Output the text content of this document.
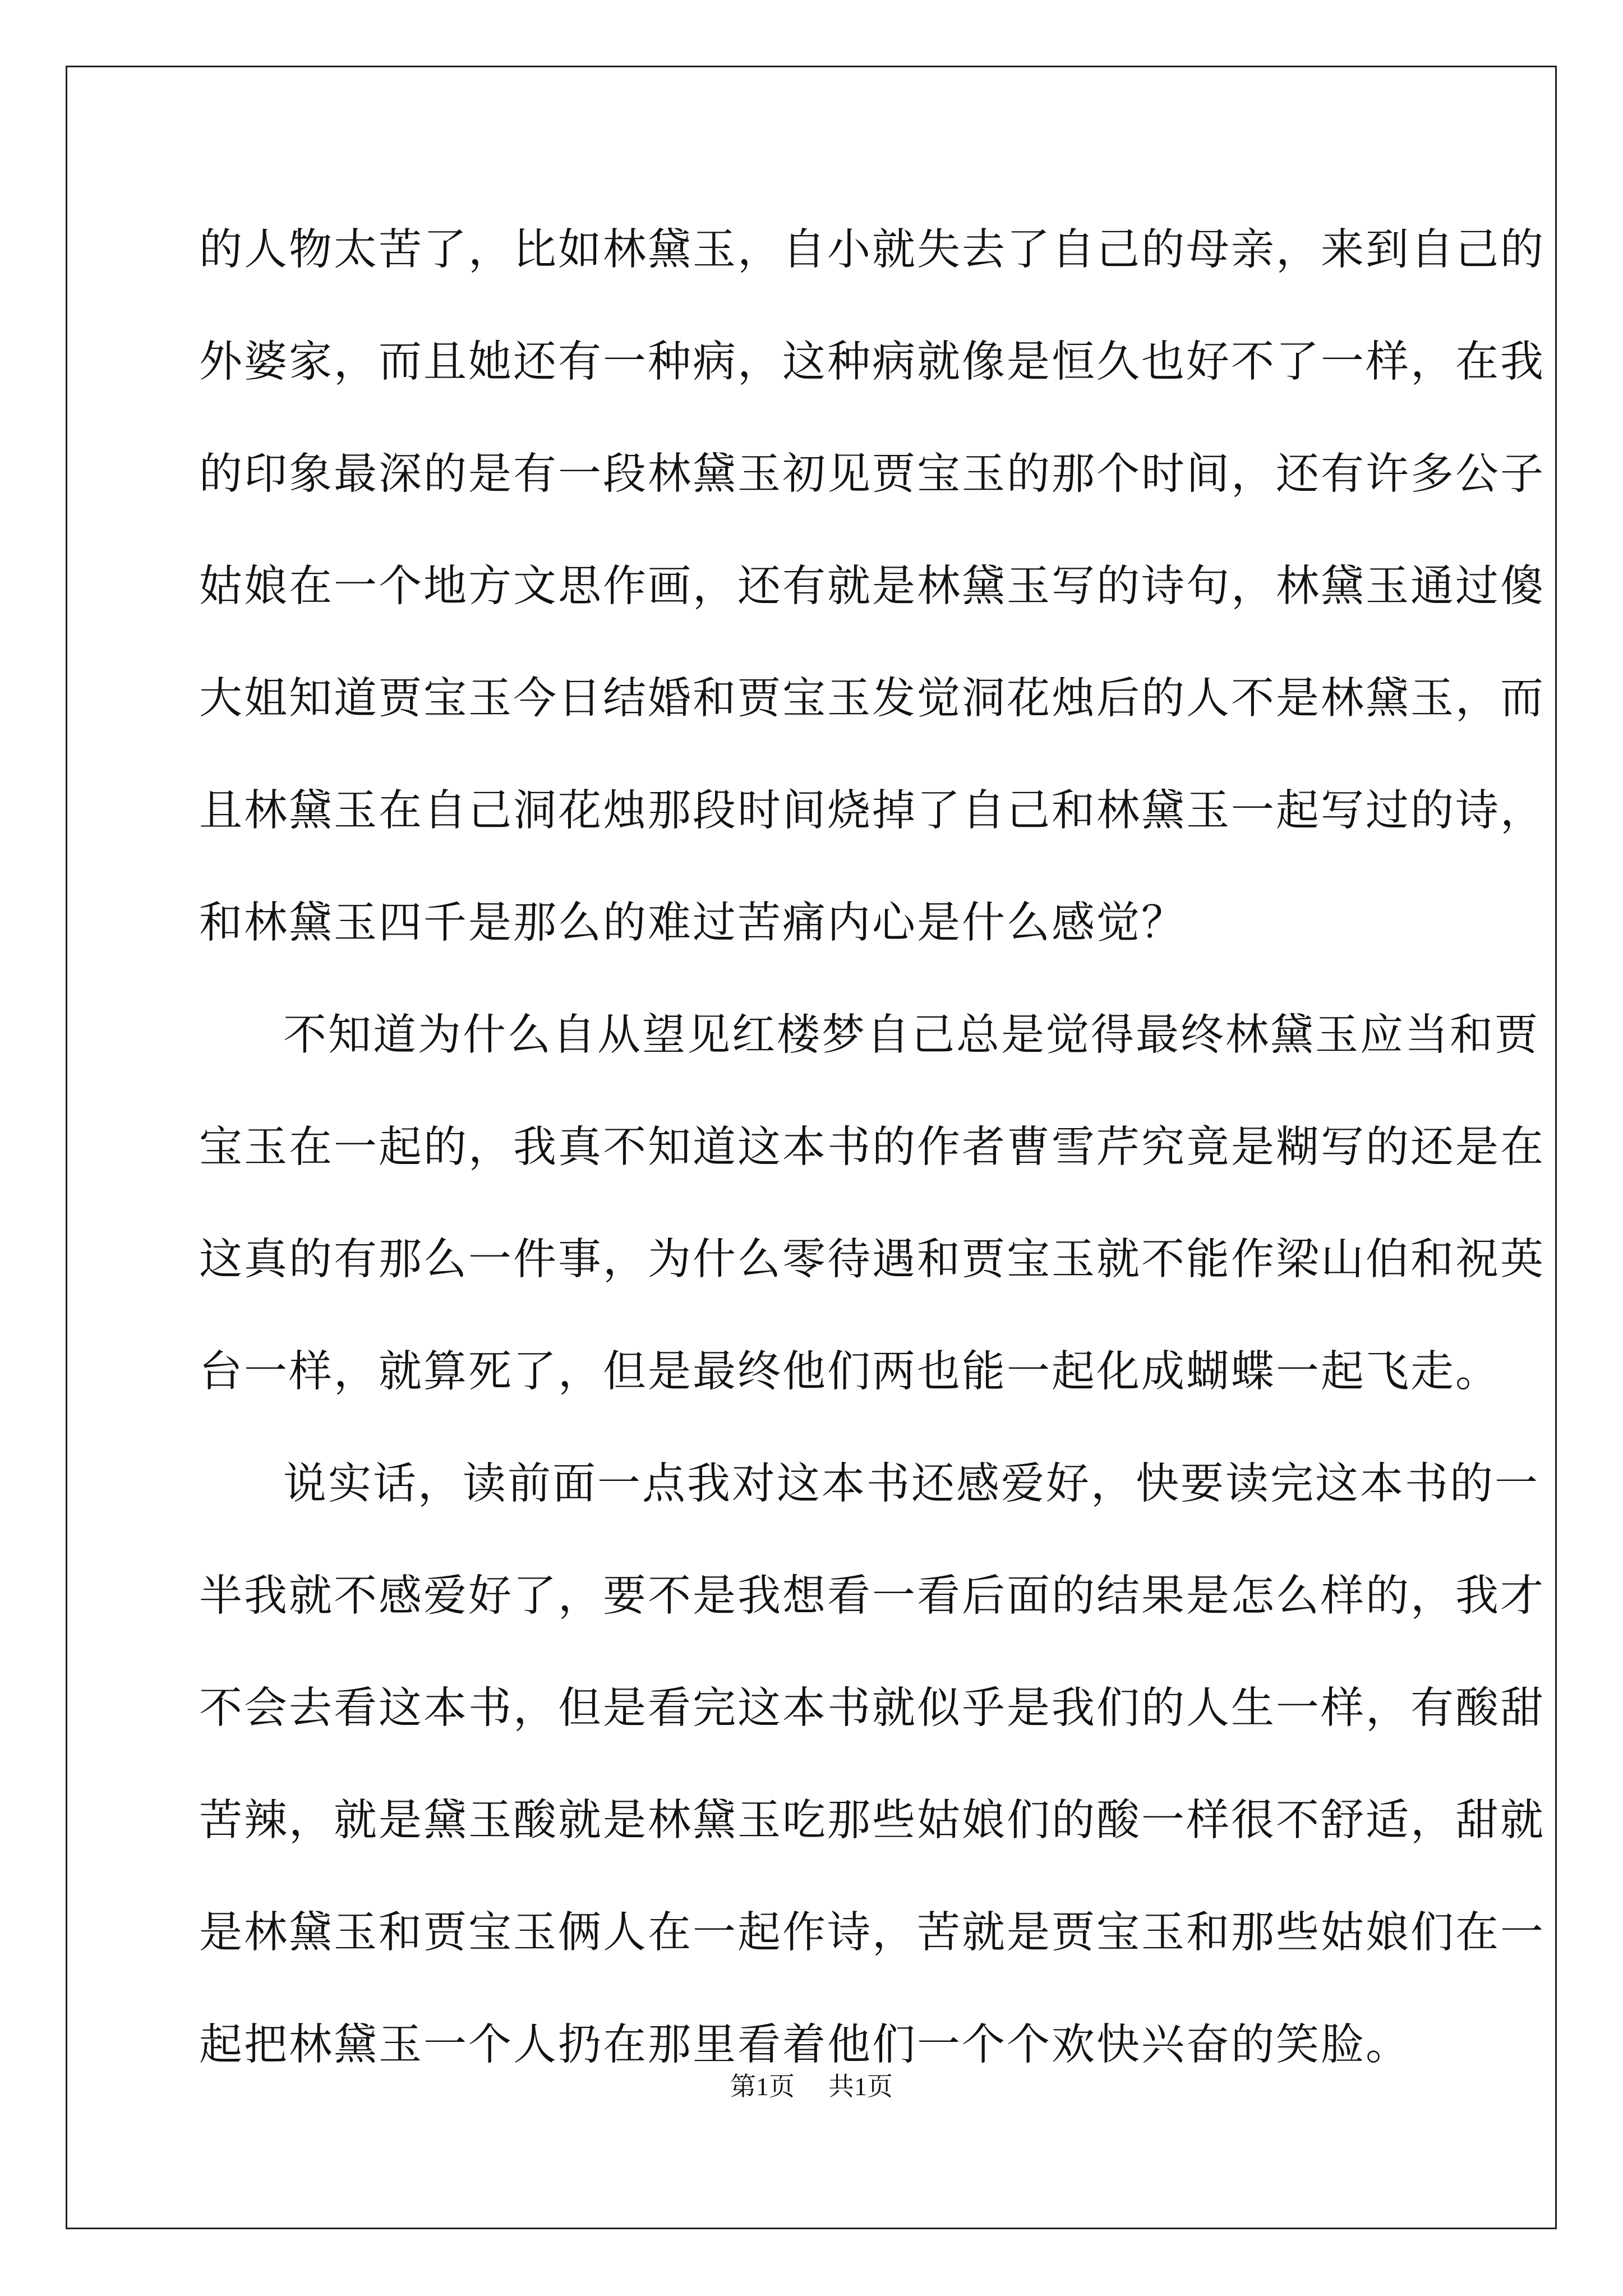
的人物太苦了，比如林黛玉，自小就失去了自己的母亲，来到自己的
外婆家，而且她还有一种病，这种病就像是恒久也好不了一样，在我
的印象最深的是有一段林黛玉初见贾宝玉的那个时间，还有许多公子
姑娘在一个地方文思作画，还有就是林黛玉写的诗句，林黛玉通过傻
大姐知道贾宝玉今日结婚和贾宝玉发觉洞花烛后的人不是林黛玉，而
且林黛玉在自己洞花烛那段时间烧掉了自己和林黛玉一起写过的诗，
和林黛玉四千是那么的难过苦痛内心是什么感觉？
不知道为什么自从望见红楼梦自己总是觉得最终林黛玉应当和贾
宝玉在一起的，我真不知道这本书的作者曹雪芹究竟是糊写的还是在
这真的有那么一件事，为什么零待遇和贾宝玉就不能作梁山伯和祝英
台一样，就算死了，但是最终他们两也能一起化成蝴蝶一起飞走。
说实话，读前面一点我对这本书还感爱好，快要读完这本书的一
半我就不感爱好了，要不是我想看一看后面的结果是怎么样的，我才
不会去看这本书，但是看完这本书就似乎是我们的人生一样，有酸甜
苦辣，就是黛玉酸就是林黛玉吃那些姑娘们的酸一样很不舒适，甜就
是林黛玉和贾宝玉俩人在一起作诗，苦就是贾宝玉和那些姑娘们在一
起把林黛玉一个人扔在那里看着他们一个个欢快兴奋的笑脸。
第1页 共1页
